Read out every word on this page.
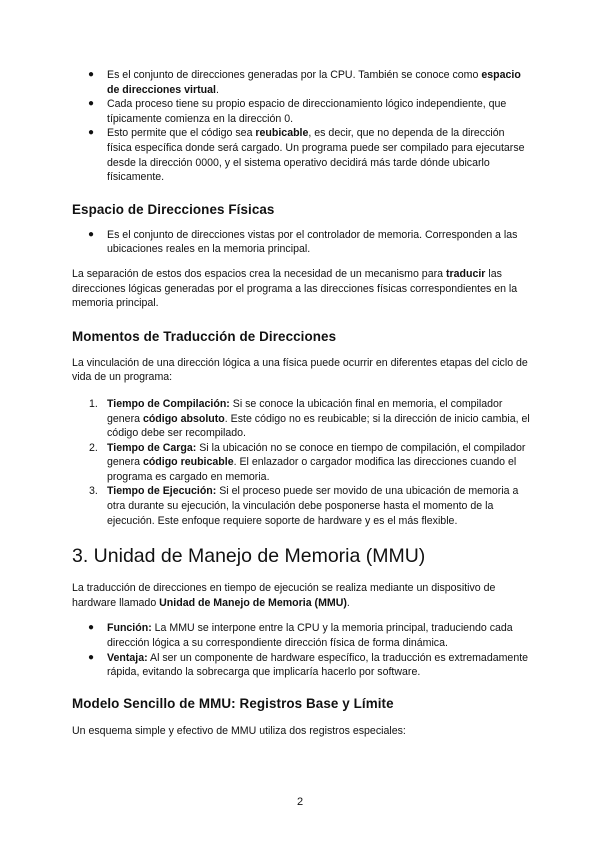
● Es el conjunto de direcciones generadas por la CPU. También se conoce como espacio de direcciones virtual.
● Cada proceso tiene su propio espacio de direccionamiento lógico independiente, que típicamente comienza en la dirección 0.
● Esto permite que el código sea reubicable, es decir, que no dependa de la dirección física específica donde será cargado. Un programa puede ser compilado para ejecutarse desde la dirección 0000, y el sistema operativo decidirá más tarde dónde ubicarlo físicamente.
Espacio de Direcciones Físicas
● Es el conjunto de direcciones vistas por el controlador de memoria. Corresponden a las ubicaciones reales en la memoria principal.

La separación de estos dos espacios crea la necesidad de un mecanismo para traducir las direcciones lógicas generadas por el programa a las direcciones físicas correspondientes en la memoria principal.

Momentos de Traducción de Direcciones

La vinculación de una dirección lógica a una física puede ocurrir en diferentes etapas del ciclo de vida de un programa:

1. Tiempo de Compilación: Si se conoce la ubicación final en memoria, el compilador genera código absoluto. Este código no es reubicable; si la dirección de inicio cambia, el código debe ser recompilado.
2. Tiempo de Carga: Si la ubicación no se conoce en tiempo de compilación, el compilador genera código reubicable. El enlazador o cargador modifica las direcciones cuando el programa es cargado en memoria.
3. Tiempo de Ejecución: Si el proceso puede ser movido de una ubicación de memoria a otra durante su ejecución, la vinculación debe posponerse hasta el momento de la ejecución. Este enfoque requiere soporte de hardware y es el más flexible.
3. Unidad de Manejo de Memoria (MMU)

La traducción de direcciones en tiempo de ejecución se realiza mediante un dispositivo de hardware llamado Unidad de Manejo de Memoria (MMU).

● Función: La MMU se interpone entre la CPU y la memoria principal, traduciendo cada dirección lógica a su correspondiente dirección física de forma dinámica.
● Ventaja: Al ser un componente de hardware específico, la traducción es extremadamente rápida, evitando la sobrecarga que implicaría hacerlo por software.
Modelo Sencillo de MMU: Registros Base y Límite

Un esquema simple y efectivo de MMU utiliza dos registros especiales:

2
